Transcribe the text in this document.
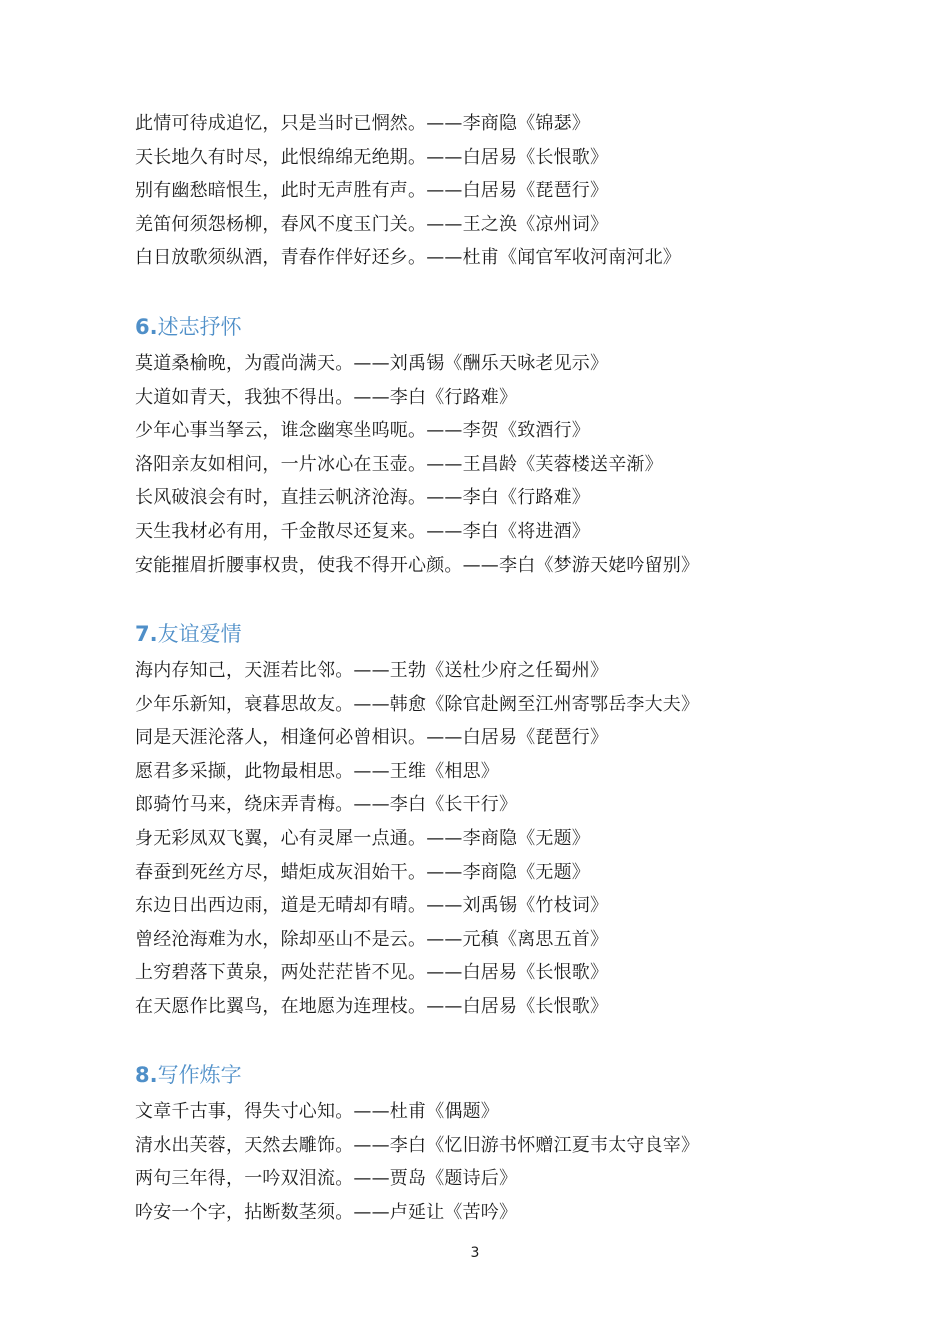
此情可待成追忆，只是当时已惘然。——李商隐《锦瑟》
天长地久有时尽，此恨绵绵无绝期。——白居易《长恨歌》
别有幽愁暗恨生，此时无声胜有声。——白居易《琵琶行》
羌笛何须怨杨柳，春风不度玉门关。——王之涣《凉州词》
白日放歌须纵酒，青春作伴好还乡。——杜甫《闻官军收河南河北》
6.述志抒怀
莫道桑榆晚，为霞尚满天。——刘禹锡《酬乐天咏老见示》
大道如青天，我独不得出。——李白《行路难》
少年心事当拏云，谁念幽寒坐呜呃。——李贺《致酒行》
洛阳亲友如相问，一片冰心在玉壶。——王昌龄《芙蓉楼送辛渐》
长风破浪会有时，直挂云帆济沧海。——李白《行路难》
天生我材必有用，千金散尽还复来。——李白《将进酒》
安能摧眉折腰事权贵，使我不得开心颜。——李白《梦游天姥吟留别》
7.友谊爱情
海内存知己，天涯若比邻。——王勃《送杜少府之任蜀州》
少年乐新知，衰暮思故友。——韩愈《除官赴阙至江州寄鄂岳李大夫》
同是天涯沦落人，相逢何必曾相识。——白居易《琵琶行》
愿君多采撷，此物最相思。——王维《相思》
郎骑竹马来，绕床弄青梅。——李白《长干行》
身无彩凤双飞翼，心有灵犀一点通。——李商隐《无题》
春蚕到死丝方尽，蜡炬成灰泪始干。——李商隐《无题》
东边日出西边雨，道是无晴却有晴。——刘禹锡《竹枝词》
曾经沧海难为水，除却巫山不是云。——元稹《离思五首》
上穷碧落下黄泉，两处茫茫皆不见。——白居易《长恨歌》
在天愿作比翼鸟，在地愿为连理枝。——白居易《长恨歌》
8.写作炼字
文章千古事，得失寸心知。——杜甫《偶题》
清水出芙蓉，天然去雕饰。——李白《忆旧游书怀赠江夏韦太守良宰》
两句三年得，一吟双泪流。——贾岛《题诗后》
吟安一个字，拈断数茎须。——卢延让《苦吟》
3
